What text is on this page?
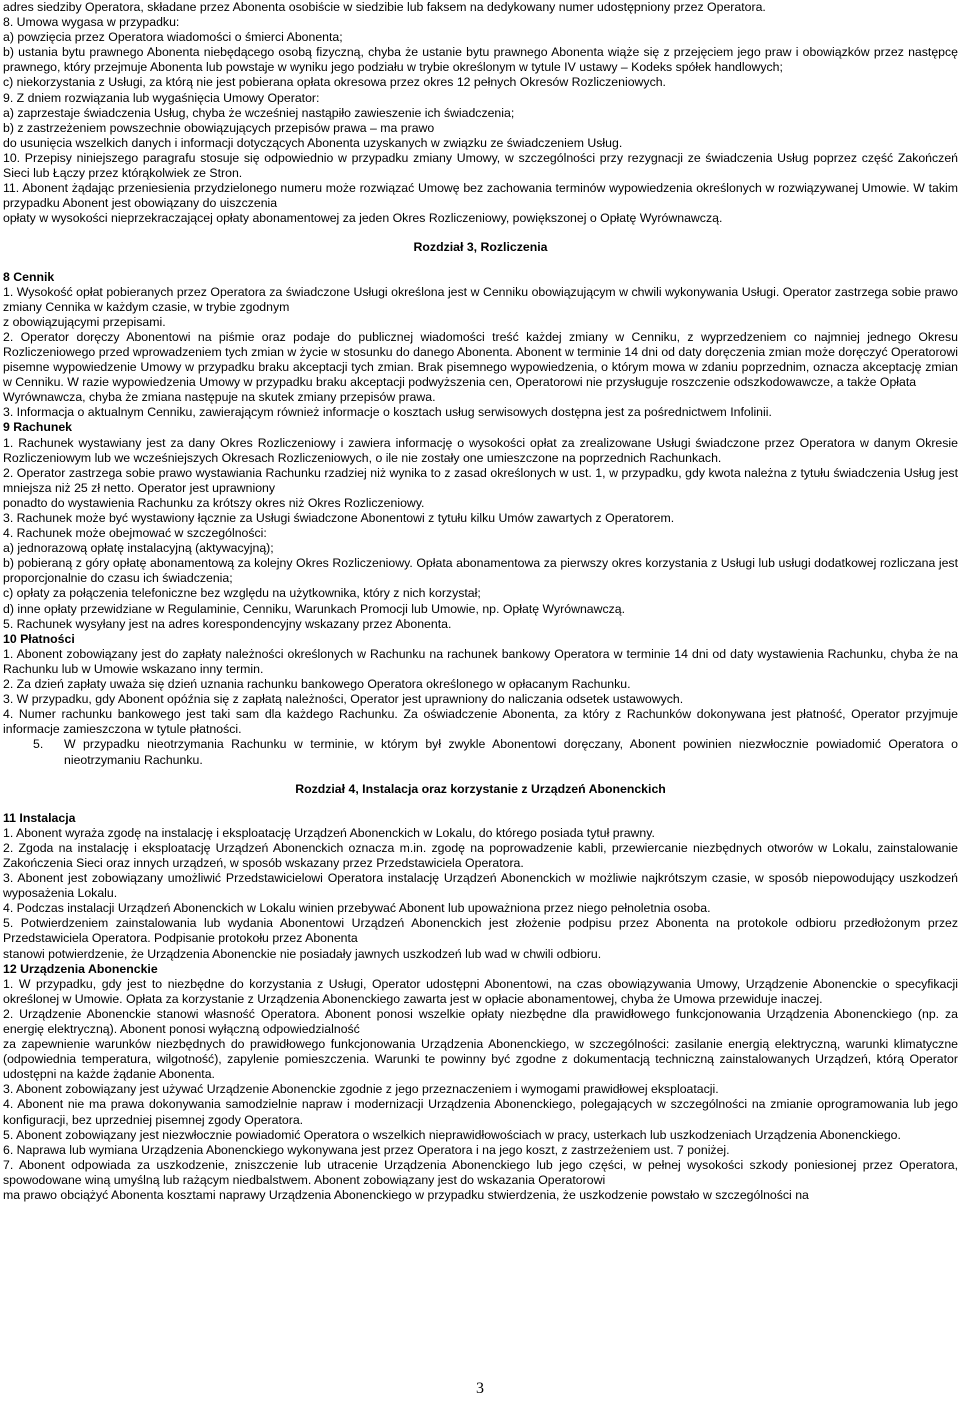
adres siedziby Operatora, składane przez Abonenta osobiście w siedzibie lub faksem na dedykowany numer udostępniony przez Operatora.

8. Umowa wygasa w przypadku:

a) powzięcia przez Operatora wiadomości o śmierci Abonenta;

b) ustania bytu prawnego Abonenta niebędącego osobą fizyczną, chyba że ustanie bytu prawnego Abonenta wiąże się z przejęciem jego praw i obowiązków przez następcę prawnego, który przejmuje Abonenta lub powstaje w wyniku jego podziału w trybie określonym w tytule IV ustawy – Kodeks spółek handlowych;

c) niekorzystania z Usługi, za którą nie jest pobierana opłata okresowa przez okres 12 pełnych Okresów Rozliczeniowych.

9. Z dniem rozwiązania lub wygaśnięcia Umowy Operator:

a) zaprzestaje świadczenia Usług, chyba że wcześniej nastąpiło zawieszenie ich świadczenia;

b) z zastrzeżeniem powszechnie obowiązujących przepisów prawa – ma prawo

do usunięcia wszelkich danych i informacji dotyczących Abonenta uzyskanych w związku ze świadczeniem Usług.

10. Przepisy niniejszego paragrafu stosuje się odpowiednio w przypadku zmiany Umowy, w szczególności przy rezygnacji ze świadczenia Usług poprzez część Zakończeń Sieci lub Łączy przez którąkolwiek ze Stron.

11. Abonent żądając przeniesienia przydzielonego numeru może rozwiązać Umowę bez zachowania terminów wypowiedzenia określonych w rozwiązywanej Umowie. W takim przypadku Abonent jest obowiązany do uiszczenia

opłaty w wysokości nieprzekraczającej opłaty abonamentowej za jeden Okres Rozliczeniowy, powiększonej o Opłatę Wyrównawczą.

Rozdział 3, Rozliczenia
8 Cennik

1. Wysokość opłat pobieranych przez Operatora za świadczone Usługi określona jest w Cenniku obowiązującym w chwili wykonywania Usługi. Operator zastrzega sobie prawo zmiany Cennika w każdym czasie, w trybie zgodnym

z obowiązującymi przepisami.

2. Operator doręczy Abonentowi na piśmie oraz podaje do publicznej wiadomości treść każdej zmiany w Cenniku, z wyprzedzeniem co najmniej jednego Okresu Rozliczeniowego przed wprowadzeniem tych zmian w życie w stosunku do danego Abonenta. Abonent w terminie 14 dni od daty doręczenia zmian może doręczyć Operatorowi pisemne wypowiedzenie Umowy w przypadku braku akceptacji tych zmian. Brak pisemnego wypowiedzenia, o którym mowa w zdaniu poprzednim, oznacza akceptację zmian w Cenniku. W razie wypowiedzenia Umowy w przypadku braku akceptacji podwyższenia cen, Operatorowi nie przysługuje roszczenie odszkodowawcze, a także Opłata

Wyrównawcza, chyba że zmiana następuje na skutek zmiany przepisów prawa.

3. Informacja o aktualnym Cenniku, zawierającym również informacje o kosztach usług serwisowych dostępna jest za pośrednictwem Infolinii.

9 Rachunek

1. Rachunek wystawiany jest za dany Okres Rozliczeniowy i zawiera informację o wysokości opłat za zrealizowane Usługi świadczone przez Operatora w danym Okresie Rozliczeniowym lub we wcześniejszych Okresach Rozliczeniowych, o ile nie zostały one umieszczone na poprzednich Rachunkach.

2. Operator zastrzega sobie prawo wystawiania Rachunku rzadziej niż wynika to z zasad określonych w ust. 1, w przypadku, gdy kwota należna z tytułu świadczenia Usług jest mniejsza niż 25 zł netto. Operator jest uprawniony

ponadto do wystawienia Rachunku za krótszy okres niż Okres Rozliczeniowy.

3. Rachunek może być wystawiony łącznie za Usługi świadczone Abonentowi z tytułu kilku Umów zawartych z Operatorem.

4. Rachunek może obejmować w szczególności:

a) jednorazową opłatę instalacyjną (aktywacyjną);

b) pobieraną z góry opłatę abonamentową za kolejny Okres Rozliczeniowy. Opłata abonamentowa za pierwszy okres korzystania z Usługi lub usługi dodatkowej rozliczana jest proporcjonalnie do czasu ich świadczenia;

c) opłaty za połączenia telefoniczne bez względu na użytkownika, który z nich korzystał;

d) inne opłaty przewidziane w Regulaminie, Cenniku, Warunkach Promocji lub Umowie, np. Opłatę Wyrównawczą.

5. Rachunek wysyłany jest na adres korespondencyjny wskazany przez Abonenta.

10 Płatności

1. Abonent zobowiązany jest do zapłaty należności określonych w Rachunku na rachunek bankowy Operatora w terminie 14 dni od daty wystawienia Rachunku, chyba że na Rachunku lub w Umowie wskazano inny termin.

2. Za dzień zapłaty uważa się dzień uznania rachunku bankowego Operatora określonego w opłacanym Rachunku.

3. W przypadku, gdy Abonent opóźnia się z zapłatą należności, Operator jest uprawniony do naliczania odsetek ustawowych.

4. Numer rachunku bankowego jest taki sam dla każdego Rachunku. Za oświadczenie Abonenta, za który z Rachunków dokonywana jest płatność, Operator przyjmuje informacje zamieszczona w tytule płatności.

5.	W przypadku nieotrzymania Rachunku w terminie, w którym był zwykle Abonentowi doręczany, Abonent powinien niezwłocznie powiadomić Operatora o nieotrzymaniu Rachunku.
Rozdział 4, Instalacja oraz korzystanie z Urządzeń Abonenckich
11 Instalacja

1. Abonent wyraża zgodę na instalację i eksploatację Urządzeń Abonenckich w Lokalu, do którego posiada tytuł prawny.

2. Zgoda na instalację i eksploatację Urządzeń Abonenckich oznacza m.in. zgodę na poprowadzenie kabli, przewiercanie niezbędnych otworów w Lokalu, zainstalowanie Zakończenia Sieci oraz innych urządzeń, w sposób wskazany przez Przedstawiciela Operatora.

3. Abonent jest zobowiązany umożliwić Przedstawicielowi Operatora instalację Urządzeń Abonenckich w możliwie najkrótszym czasie, w sposób niepowodujący uszkodzeń wyposażenia Lokalu.

4. Podczas instalacji Urządzeń Abonenckich w Lokalu winien przebywać Abonent lub upoważniona przez niego pełnoletnia osoba.

5. Potwierdzeniem zainstalowania lub wydania Abonentowi Urządzeń Abonenckich jest złożenie podpisu przez Abonenta na protokole odbioru przedłożonym przez Przedstawiciela Operatora. Podpisanie protokołu przez Abonenta

stanowi potwierdzenie, że Urządzenia Abonenckie nie posiadały jawnych uszkodzeń lub wad w chwili odbioru.

12 Urządzenia Abonenckie

1. W przypadku, gdy jest to niezbędne do korzystania z Usługi, Operator udostępni Abonentowi, na czas obowiązywania Umowy, Urządzenie Abonenckie o specyfikacji określonej w Umowie. Opłata za korzystanie z Urządzenia Abonenckiego zawarta jest w opłacie abonamentowej, chyba że Umowa przewiduje inaczej.

2. Urządzenie Abonenckie stanowi własność Operatora. Abonent ponosi wszelkie opłaty niezbędne dla prawidłowego funkcjonowania Urządzenia Abonenckiego (np. za energię elektryczną). Abonent ponosi wyłączną odpowiedzialność

za zapewnienie warunków niezbędnych do prawidłowego funkcjonowania Urządzenia Abonenckiego, w szczególności: zasilanie energią elektryczną, warunki klimatyczne (odpowiednia temperatura, wilgotność), zapylenie pomieszczenia. Warunki te powinny być zgodne z dokumentacją techniczną zainstalowanych Urządzeń, którą Operator udostępni na każde żądanie Abonenta.

3. Abonent zobowiązany jest używać Urządzenie Abonenckie zgodnie z jego przeznaczeniem i wymogami prawidłowej eksploatacji.

4. Abonent nie ma prawa dokonywania samodzielnie napraw i modernizacji Urządzenia Abonenckiego, polegających w szczególności na zmianie oprogramowania lub jego konfiguracji, bez uprzedniej pisemnej zgody Operatora.

5. Abonent zobowiązany jest niezwłocznie powiadomić Operatora o wszelkich nieprawidłowościach w pracy, usterkach lub uszkodzeniach Urządzenia Abonenckiego.

6. Naprawa lub wymiana Urządzenia Abonenckiego wykonywana jest przez Operatora i na jego koszt, z zastrzeżeniem ust. 7 poniżej.

7. Abonent odpowiada za uszkodzenie, zniszczenie lub utracenie Urządzenia Abonenckiego lub jego części, w pełnej wysokości szkody poniesionej przez Operatora, spowodowane winą umyślną lub rażącym niedbalstwem. Abonent zobowiązany jest do wskazania Operatorowi

ma prawo obciążyć Abonenta kosztami naprawy Urządzenia Abonenckiego w przypadku stwierdzenia, że uszkodzenie powstało w szczególności na

3
